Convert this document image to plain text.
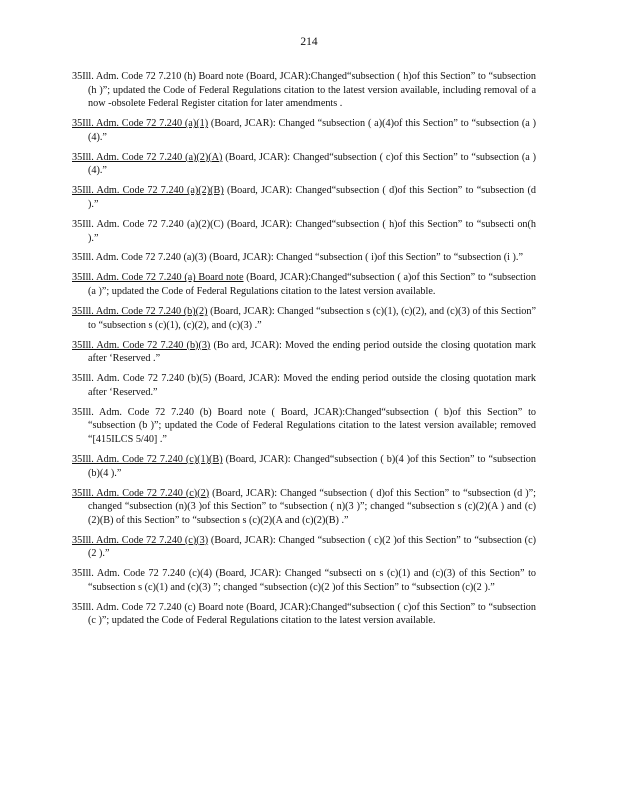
214

35Ill. Adm. Code 72 7.210 (h) Board note (Board, JCAR):Changed“subsection ( h)of this Section” to “subsection (h )”; updated the Code of Federal Regulations citation to the latest version available, including removal of a now -obsolete Federal Register citation for later amendments .

35Ill. Adm. Code 72 7.240 (a)(1) (Board, JCAR): Changed “subsection ( a)(4)of this Section” to “subsection (a )(4).”

35Ill. Adm. Code 72 7.240 (a)(2)(A) (Board, JCAR): Changed“subsection ( c)of this Section” to “subsection (a )(4).”

35Ill. Adm. Code 72 7.240 (a)(2)(B) (Board, JCAR): Changed“subsection ( d)of this Section” to “subsection (d ).”

35Ill. Adm. Code 72 7.240 (a)(2)(C) (Board, JCAR): Changed“subsection ( h)of this Section” to “subsecti on(h ).”

35Ill. Adm. Code 72 7.240 (a)(3) (Board, JCAR): Changed “subsection ( i)of this Section” to “subsection (i ).”

35Ill. Adm. Code 72 7.240 (a) Board note (Board, JCAR):Changed“subsection ( a)of this Section” to “subsection (a )”; updated the Code of Federal Regulations citation to the latest version available.

35Ill. Adm. Code 72 7.240 (b)(2) (Board, JCAR): Changed “subsection s (c)(1), (c)(2), and (c)(3) of this Section” to “subsection s (c)(1), (c)(2), and (c)(3) .”

35Ill. Adm. Code 72 7.240 (b)(3) (Bo ard, JCAR): Moved the ending period outside the closing quotation mark after ‘Reserved .”

35Ill. Adm. Code 72 7.240 (b)(5) (Board, JCAR): Moved the ending period outside the closing quotation mark after ‘Reserved.”

35Ill. Adm. Code 72 7.240 (b) Board note ( Board, JCAR):Changed“subsection ( b)of this Section” to “subsection (b )”; updated the Code of Federal Regulations citation to the latest version available; removed “[415ILCS 5/40] .”

35Ill. Adm. Code 72 7.240 (c)(1)(B) (Board, JCAR): Changed“subsection ( b)(4 )of this Section” to “subsection (b)(4 ).”

35Ill. Adm. Code 72 7.240 (c)(2) (Board, JCAR): Changed “subsection ( d)of this Section” to “subsection (d )”; changed “subsection (n)(3 )of this Section” to “subsection ( n)(3 )”; changed “subsection s (c)(2)(A ) and (c)(2)(B) of this Section” to “subsection s (c)(2)(A and (c)(2)(B) .”

35Ill. Adm. Code 72 7.240 (c)(3) (Board, JCAR): Changed “subsection ( c)(2 )of this Section” to “subsection (c)(2 ).”

35Ill. Adm. Code 72 7.240 (c)(4) (Board, JCAR): Changed “subsecti on s (c)(1) and (c)(3) of this Section” to “subsection s (c)(1) and (c)(3) ”; changed “subsection (c)(2 )of this Section” to “subsection (c)(2 ).”

35Ill. Adm. Code 72 7.240 (c) Board note (Board, JCAR):Changed“subsection ( c)of this Section” to “subsection (c )”; updated the Code of Federal Regulations citation to the latest version available.
